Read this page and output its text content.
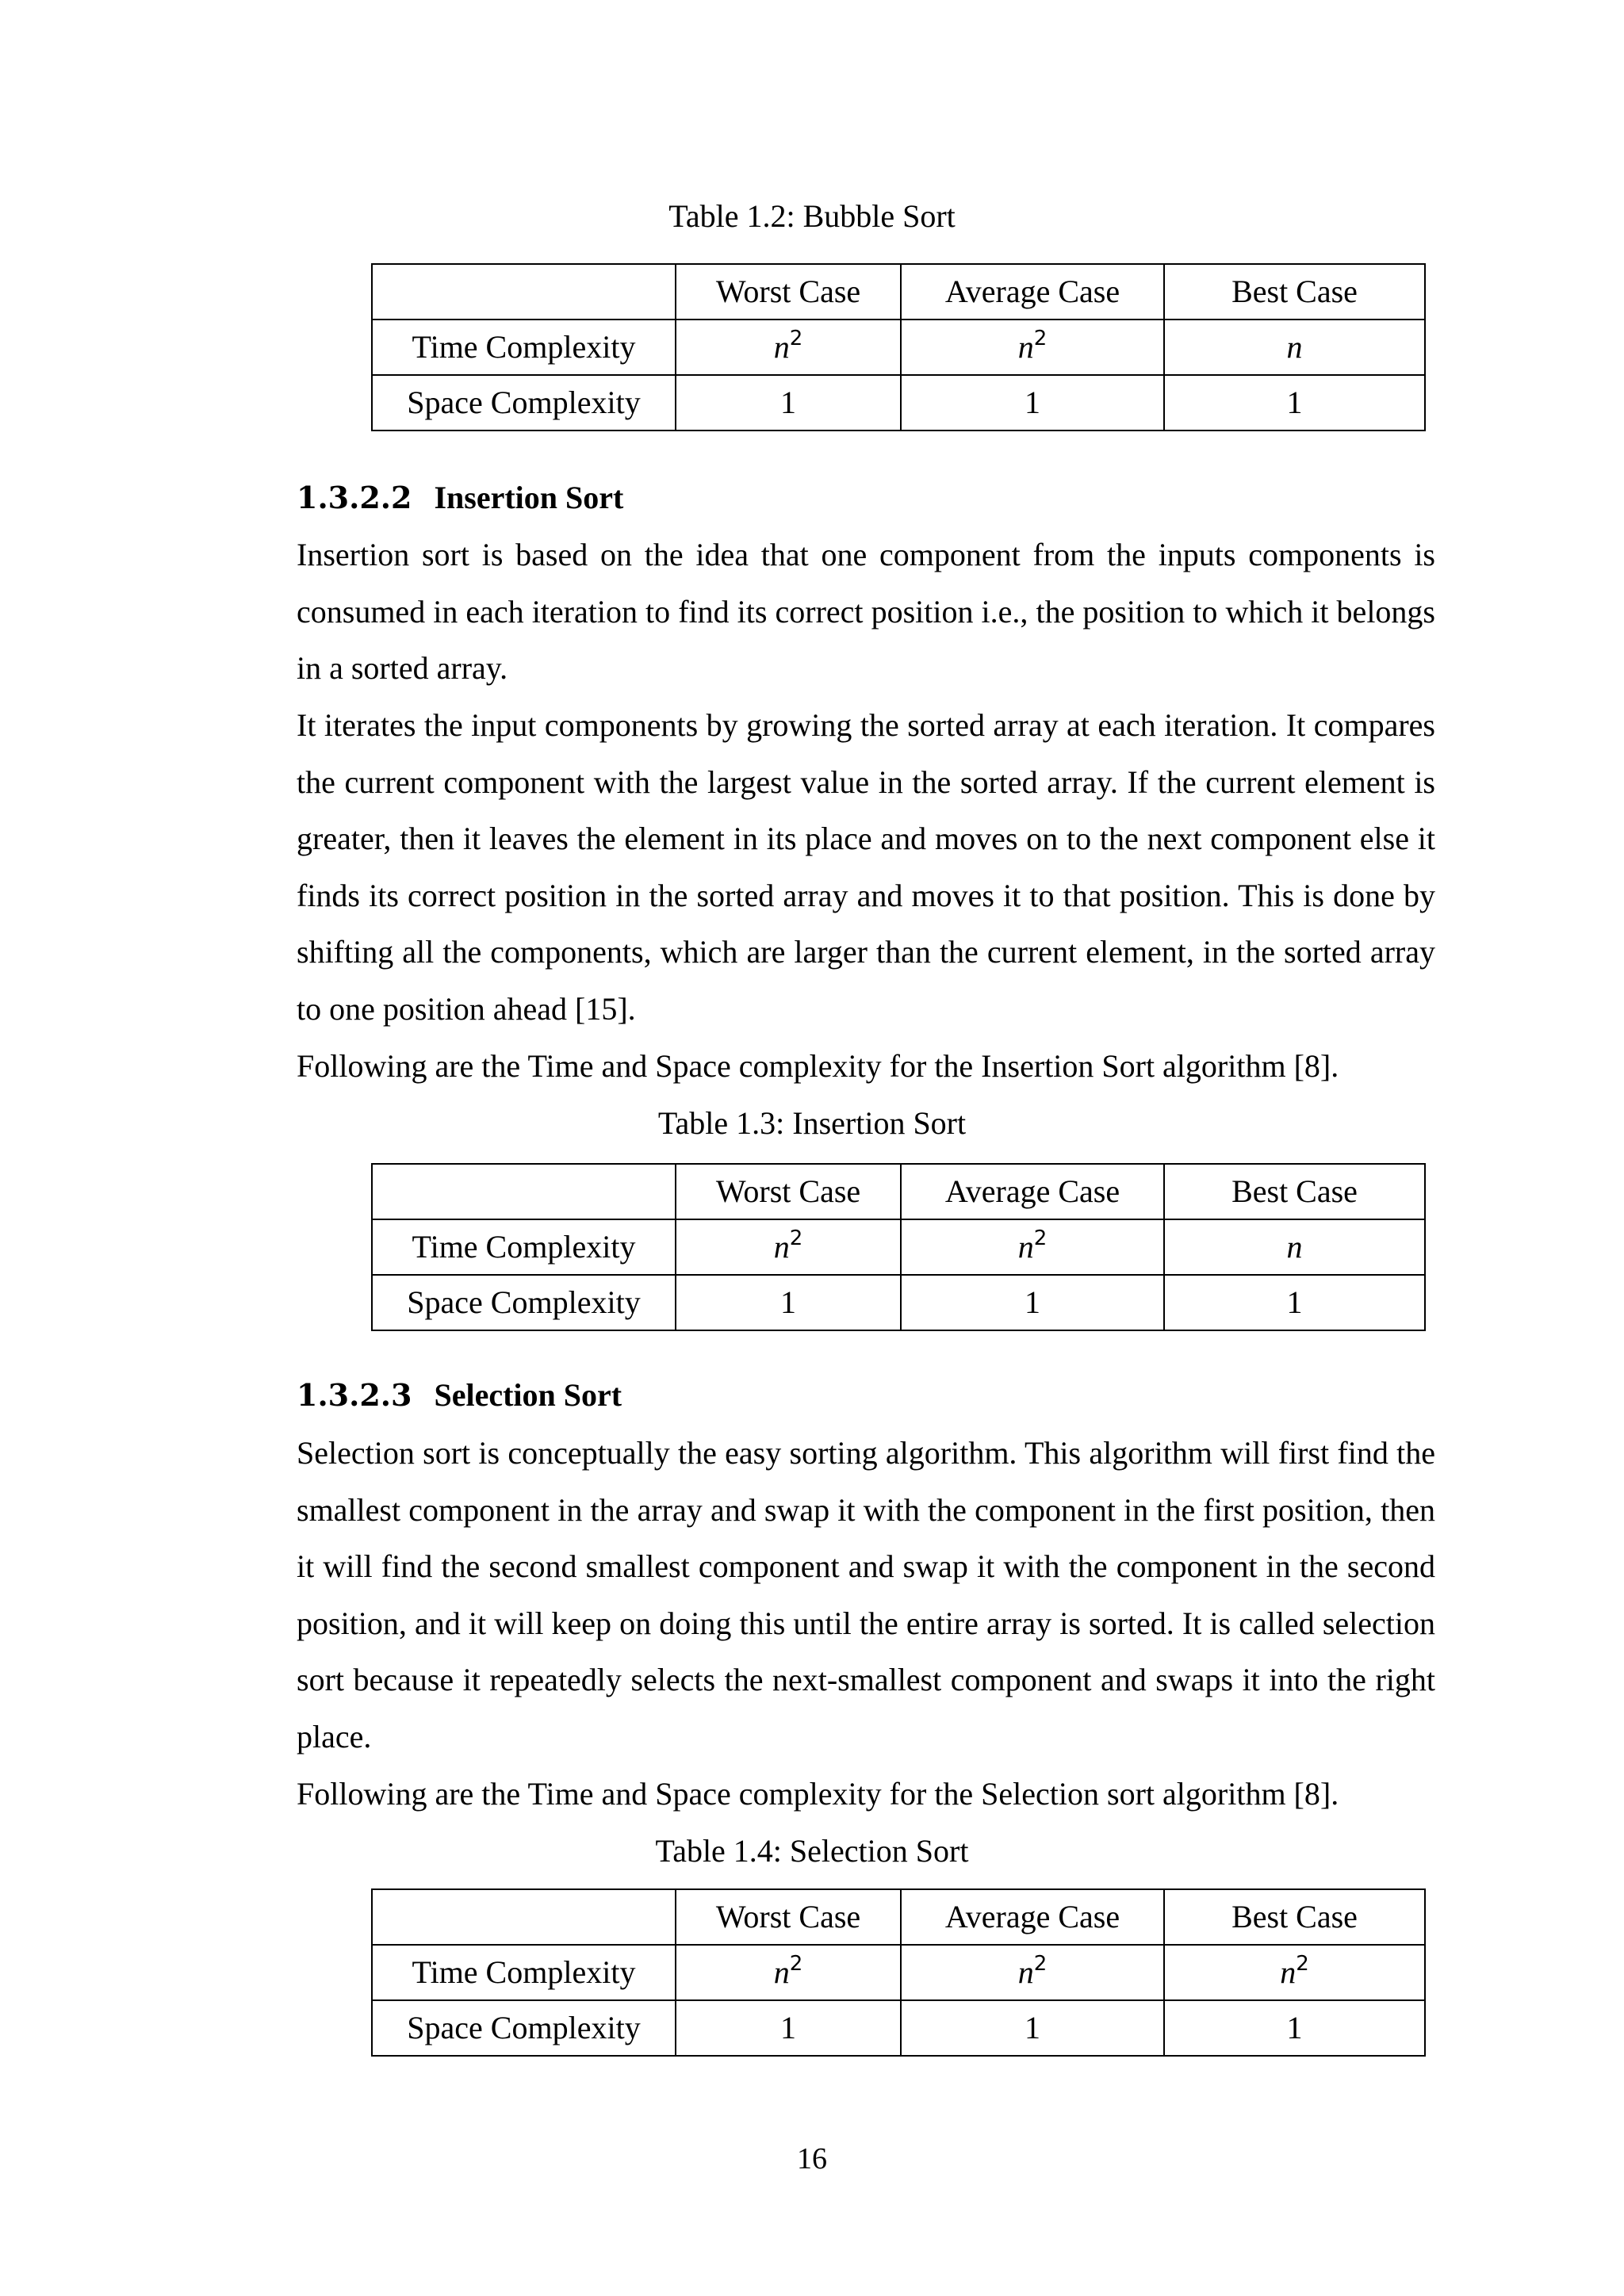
Table 1.2: Bubble Sort

	Worst Case	Average Case	Best Case
Time Complexity	$n^2$	$n^2$	n
Space Complexity	1	1	1
1.3.2.2 Insertion Sort

Insertion sort is based on the idea that one component from the inputs components is consumed in each iteration to find its correct position i.e., the position to which it belongs in a sorted array.

It iterates the input components by growing the sorted array at each iteration. It compares the current component with the largest value in the sorted array. If the current element is greater, then it leaves the element in its place and moves on to the next component else it finds its correct position in the sorted array and moves it to that position. This is done by shifting all the components, which are larger than the current element, in the sorted array to one position ahead [15].

Following are the Time and Space complexity for the Insertion Sort algorithm [8].

Table 1.3: Insertion Sort

	Worst Case	Average Case	Best Case
Time Complexity	$n^2$	$n^2$	n
Space Complexity	1	1	1
1.3.2.3 Selection Sort

Selection sort is conceptually the easy sorting algorithm. This algorithm will first find the smallest component in the array and swap it with the component in the first position, then it will find the second smallest component and swap it with the component in the second position, and it will keep on doing this until the entire array is sorted. It is called selection sort because it repeatedly selects the next-smallest component and swaps it into the right place.

Following are the Time and Space complexity for the Selection sort algorithm [8].

Table 1.4: Selection Sort

	Worst Case	Average Case	Best Case
Time Complexity	$n^2$	$n^2$	$n^2$
Space Complexity	1	1	1

16
